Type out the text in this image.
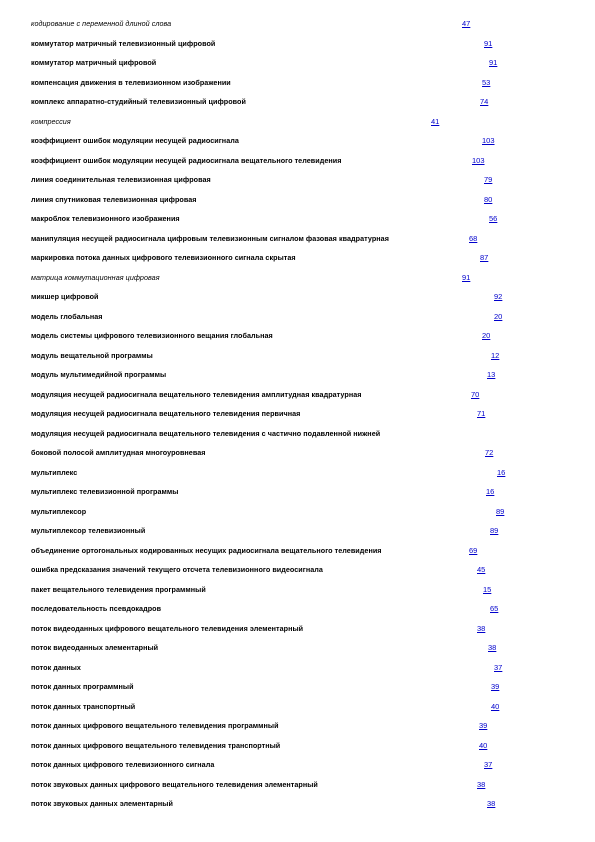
кодирование с переменной длиной слова	47
коммутатор матричный телевизионный цифровой	91
коммутатор матричный цифровой	91
компенсация движения в телевизионном изображении	53
комплекс аппаратно-студийный телевизионный цифровой	74
компрессия	41
коэффициент ошибок модуляции несущей радиосигнала	103
коэффициент ошибок модуляции несущей радиосигнала вещательного телевидения	103
линия соединительная телевизионная цифровая	79
линия спутниковая телевизионная цифровая	80
макроблок телевизионного изображения	56
манипуляция несущей радиосигнала цифровым телевизионным сигналом фазовая квадратурная	68
маркировка потока данных цифрового телевизионного сигнала скрытая	87
матрица коммутационная цифровая	91
микшер цифровой	92
модель глобальная	20
модель системы цифрового телевизионного вещания глобальная	20
модуль вещательной программы	12
модуль мультимедийной программы	13
модуляция несущей радиосигнала вещательного телевидения амплитудная квадратурная	70
модуляция несущей радиосигнала вещательного телевидения первичная	71
модуляция несущей радиосигнала вещательного телевидения с частично подавленной нижней
боковой полосой амплитудная многоуровневая	72
мультиплекс	16
мультиплекс телевизионной программы	16
мультиплексор	89
мультиплексор телевизионный	89
объединение ортогональных кодированных несущих радиосигнала вещательного телевидения	69
ошибка предсказания значений текущего отсчета телевизионного видеосигнала	45
пакет вещательного телевидения программный	15
последовательность псевдокадров	65
поток видеоданных цифрового вещательного телевидения элементарный	38
поток видеоданных элементарный	38
поток данных	37
поток данных программный	39
поток данных транспортный	40
поток данных цифрового вещательного телевидения программный	39
поток данных цифрового вещательного телевидения транспортный	40
поток данных цифрового телевизионного сигнала	37
поток звуковых данных цифрового вещательного телевидения элементарный	38
поток звуковых данных элементарный	38
